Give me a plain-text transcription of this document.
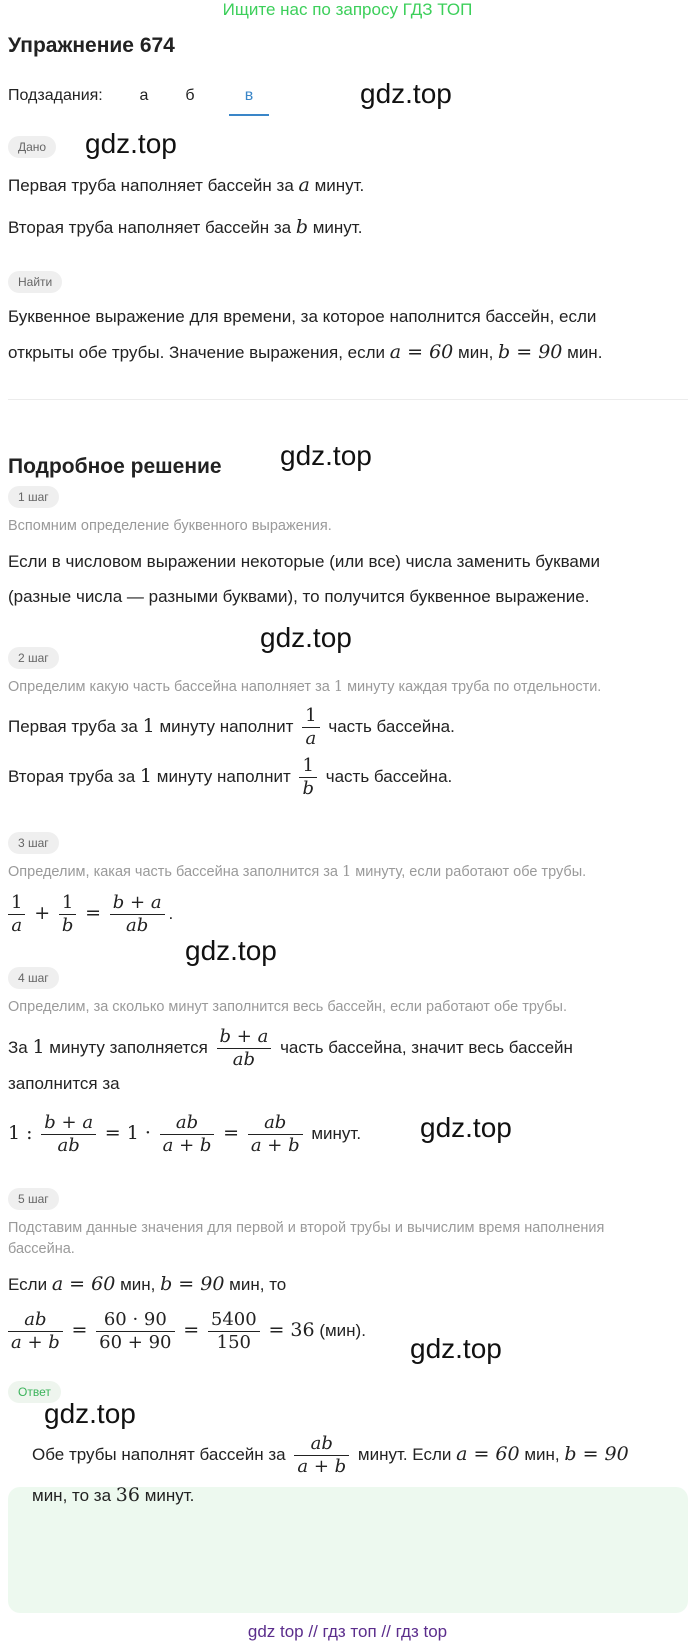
Ищите нас по запросу ГДЗ ТОП
Упражнение 674
Подзадания:	а	б	в	gdz.top
Дано	gdz.top
Первая труба наполняет бассейн за a минут.
Вторая труба наполняет бассейн за b минут.
Найти
Буквенное выражение для времени, за которое наполнится бассейн, если
открыты обе трубы. Значение выражения, если a = 60 мин, b = 90 мин.
Подробное решение gdz.top
1 шаг
Вспомним определение буквенного выражения.
Если в числовом выражении некоторые (или все) числа заменить буквами
(разные числа — разными буквами), то получится буквенное выражение.
gdz.top
2 шаг
Определим какую часть бассейна наполняет за 1 минуту каждая труба по отдельности.
Первая труба за 1 минуту наполнит $\frac{1}{a}$ часть бассейна.
Вторая труба за 1 минуту наполнит $\frac{1}{b}$ часть бассейна.
3 шаг
Определим, какая часть бассейна заполнится за 1 минуту, если работают обе трубы.
$\frac{1}{a} + \frac{1}{b} = \frac{b + a}{ab}$ .
gdz.top
4 шаг
Определим, за сколько минут заполнится весь бассейн, если работают обе трубы.
За 1 минуту заполняется $\frac{b + a}{ab}$ часть бассейна, значит весь бассейн
заполнится за
1 : $\frac{b + a}{ab} = 1 \cdot \frac{ab}{a + b} = \frac{ab}{a + b}$ минут. gdz.top
5 шаг
Подставим данные значения для первой и второй трубы и вычислим время наполнения
бассейна.
Если a = 60 мин, b = 90 мин, то
$\frac{ab}{a + b} = \frac{60 \cdot 90}{60 + 90} = \frac{5400}{150} = 36$ (мин).
gdz.top
Ответ
gdz.top
Обе трубы наполнят бассейн за $\frac{ab}{a + b}$ минут. Если a = 60 мин, b = 90
мин, то за 36 минут.
gdz top // гдз топ // гдз top
